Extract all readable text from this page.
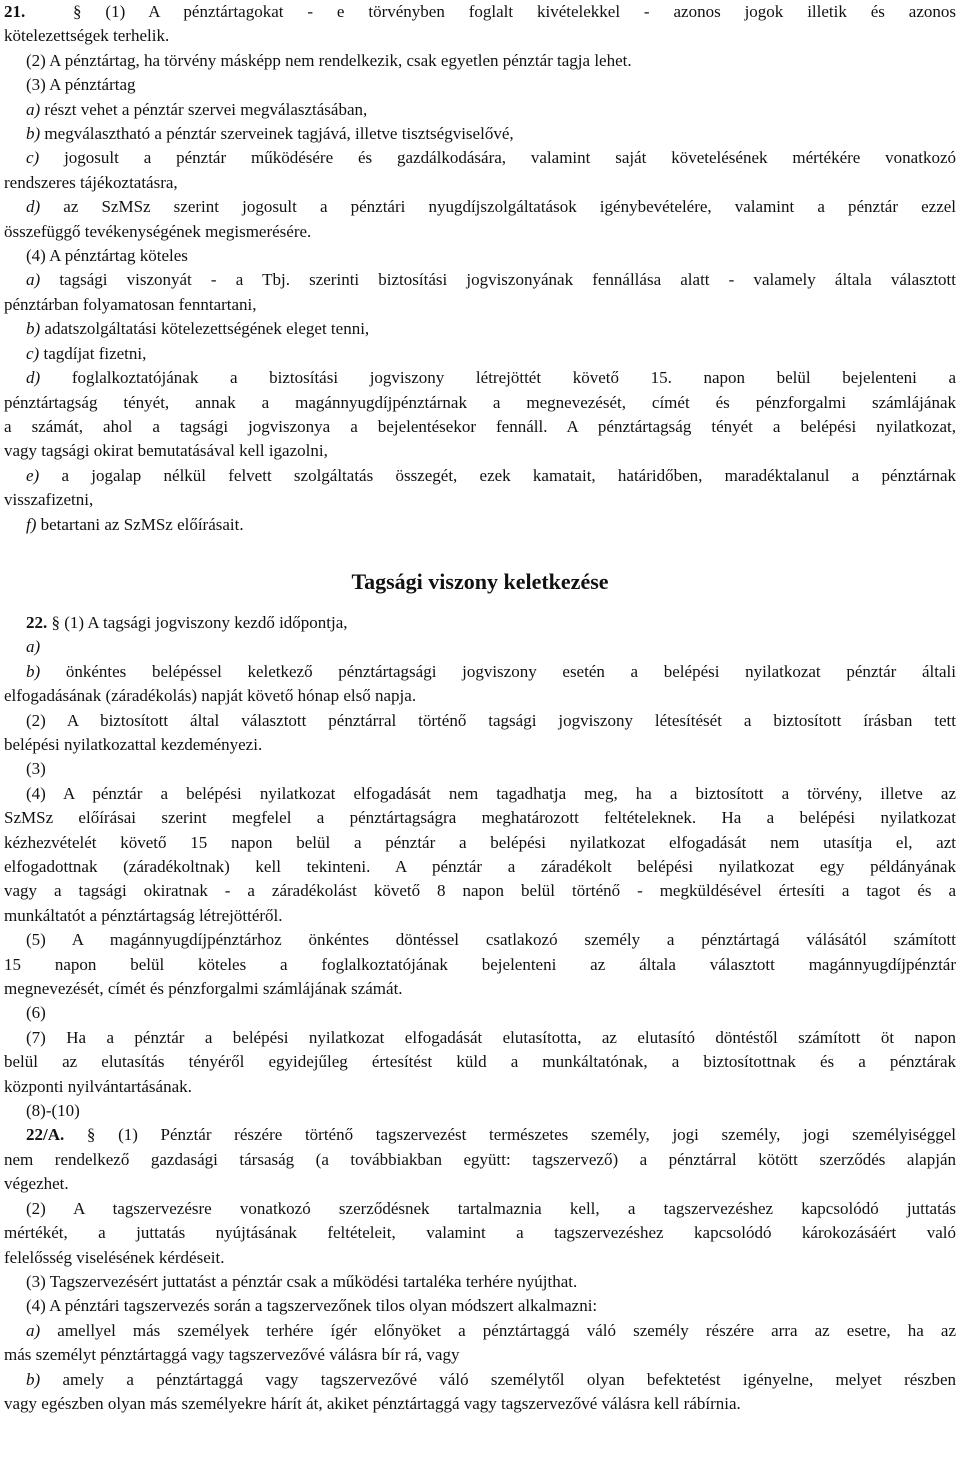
21.  § (1) A pénztártagokat - e törvényben foglalt kivételekkel - azonos jogok illetik és azonos
kötelezettségek terhelik.
(2) A pénztártag, ha törvény másképp nem rendelkezik, csak egyetlen pénztár tagja lehet.
(3) A pénztártag
a) részt vehet a pénztár szervei megválasztásában,
b) megválasztható a pénztár szerveinek tagjává, illetve tisztségviselővé,
c) jogosult a pénztár működésére és gazdálkodására, valamint saját követelésének mértékére vonatkozó
rendszeres tájékoztatásra,
d) az SzMSz szerint jogosult a pénztári nyugdíjszolgáltatások igénybevételére, valamint a pénztár ezzel
összefüggő tevékenységének megismerésére.
(4) A pénztártag köteles
a) tagsági viszonyát - a Tbj. szerinti biztosítási jogviszonyának fennállása alatt - valamely általa választott
pénztárban folyamatosan fenntartani,
b) adatszolgáltatási kötelezettségének eleget tenni,
c) tagdíjat fizetni,
d) foglalkoztatójának a biztosítási jogviszony létrejöttét követő 15. napon belül bejelenteni a
pénztártagság tényét, annak a magánnyugdíjpénztárnak a megnevezését, címét és pénzforgalmi számlájának
a számát, ahol a tagsági jogviszonya a bejelentésekor fennáll. A pénztártagság tényét a belépési nyilatkozat,
vagy tagsági okirat bemutatásával kell igazolni,
e) a jogalap nélkül felvett szolgáltatás összegét, ezek kamatait, határidőben, maradéktalanul a pénztárnak
visszafizetni,
f) betartani az SzMSz előírásait.
Tagsági viszony keletkezése
22. § (1) A tagsági jogviszony kezdő időpontja,
a)
b) önkéntes belépéssel keletkező pénztártagsági jogviszony esetén a belépési nyilatkozat pénztár általi
elfogadásának (záradékolás) napját követő hónap első napja.
(2) A biztosított által választott pénztárral történő tagsági jogviszony létesítését a biztosított írásban tett
belépési nyilatkozattal kezdeményezi.
(3)
(4) A pénztár a belépési nyilatkozat elfogadását nem tagadhatja meg, ha a biztosított a törvény, illetve az
SzMSz előírásai szerint megfelel a pénztártagságra meghatározott feltételeknek. Ha a belépési nyilatkozat
kézhezvételét követő 15 napon belül a pénztár a belépési nyilatkozat elfogadását nem utasítja el, azt
elfogadottnak (záradékoltnak) kell tekinteni. A pénztár a záradékolt belépési nyilatkozat egy példányának
vagy a tagsági okiratnak - a záradékolást követő 8 napon belül történő - megküldésével értesíti a tagot és a
munkáltatót a pénztártagság létrejöttéről.
(5) A magánnyugdíjpénztárhoz önkéntes döntéssel csatlakozó személy a pénztártagá válásától számított
15 napon belül köteles a foglalkoztatójának bejelenteni az általa választott magánnyugdíjpénztár
megnevezését, címét és pénzforgalmi számlájának számát.
(6)
(7) Ha a pénztár a belépési nyilatkozat elfogadását elutasította, az elutasító döntéstől számított öt napon
belül az elutasítás tényéről egyidejűleg értesítést küld a munkáltatónak, a biztosítottnak és a pénztárak
központi nyilvántartásának.
(8)-(10)
22/A. § (1) Pénztár részére történő tagszervezést természetes személy, jogi személy, jogi személyiséggel
nem rendelkező gazdasági társaság (a továbbiakban együtt: tagszervező) a pénztárral kötött szerződés alapján
végezhet.
(2) A tagszervezésre vonatkozó szerződésnek tartalmaznia kell, a tagszervezéshez kapcsolódó juttatás
mértékét, a juttatás nyújtásának feltételeit, valamint a tagszervezéshez kapcsolódó károkozásáért való
felelősség viselésének kérdéseit.
(3) Tagszervezésért juttatást a pénztár csak a működési tartaléka terhére nyújthat.
(4) A pénztári tagszervezés során a tagszervezőnek tilos olyan módszert alkalmazni:
a) amellyel más személyek terhére ígér előnyöket a pénztártaggá váló személy részére arra az esetre, ha az
más személyt pénztártaggá vagy tagszervezővé válásra bír rá, vagy
b) amely a pénztártaggá vagy tagszervezővé váló személytől olyan befektetést igényelne, melyet részben
vagy egészben olyan más személyekre hárít át, akiket pénztártaggá vagy tagszervezővé válásra kell rábírnia.
